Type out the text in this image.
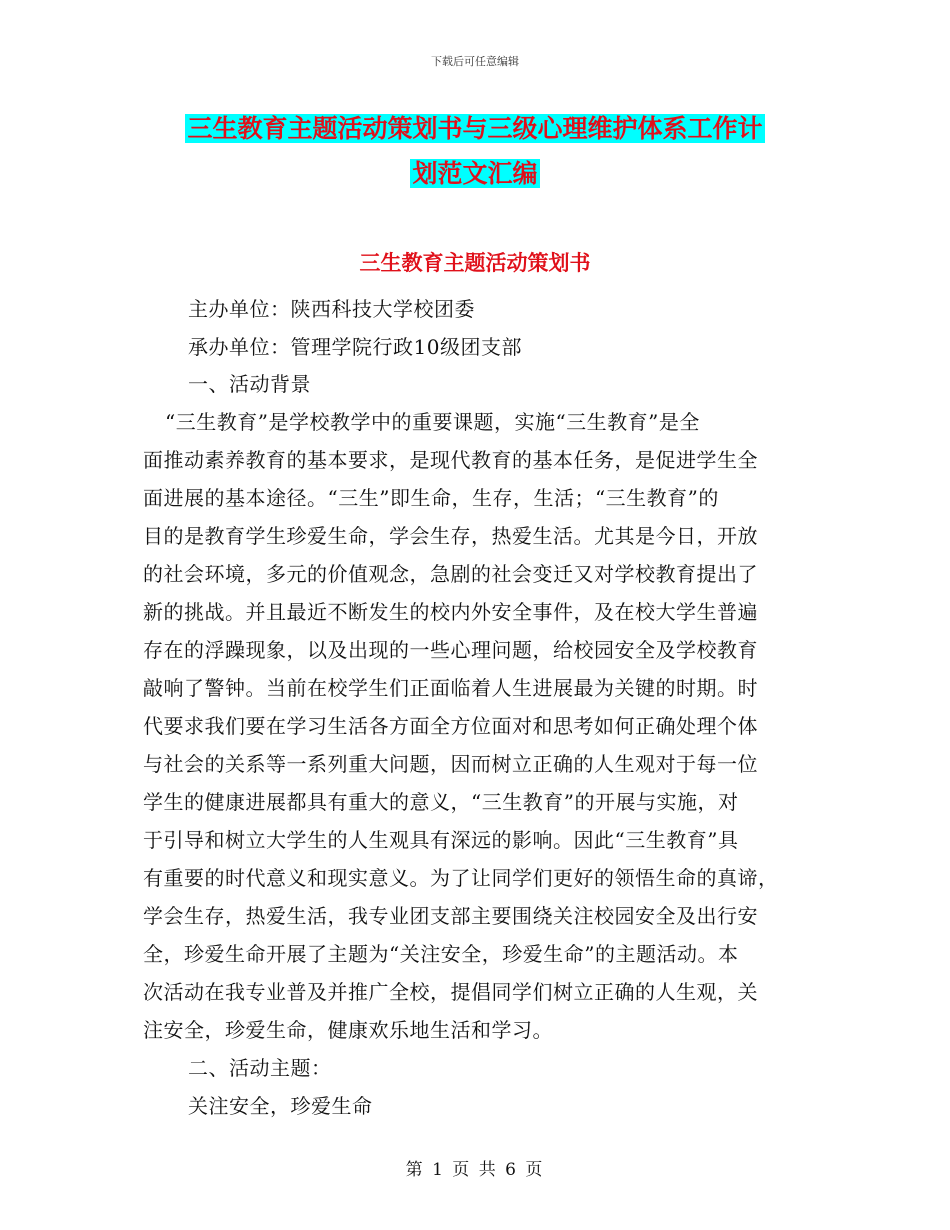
下载后可任意编辑
三生教育主题活动策划书与三级心理维护体系工作计
划范文汇编
三生教育主题活动策划书
主办单位：陕西科技大学校团委
承办单位：管理学院行政10级团支部
一、活动背景
“三生教育”是学校教学中的重要课题，实施“三生教育”是全
面推动素养教育的基本要求，是现代教育的基本任务，是促进学生全
面进展的基本途径。“三生”即生命，生存，生活；“三生教育”的
目的是教育学生珍爱生命，学会生存，热爱生活。尤其是今日，开放
的社会环境，多元的价值观念，急剧的社会变迁又对学校教育提出了
新的挑战。并且最近不断发生的校内外安全事件，及在校大学生普遍
存在的浮躁现象，以及出现的一些心理问题，给校园安全及学校教育
敲响了警钟。当前在校学生们正面临着人生进展最为关键的时期。时
代要求我们要在学习生活各方面全方位面对和思考如何正确处理个体
与社会的关系等一系列重大问题，因而树立正确的人生观对于每一位
学生的健康进展都具有重大的意义，“三生教育”的开展与实施，对
于引导和树立大学生的人生观具有深远的影响。因此“三生教育”具
有重要的时代意义和现实意义。为了让同学们更好的领悟生命的真谛，
学会生存，热爱生活，我专业团支部主要围绕关注校园安全及出行安
全，珍爱生命开展了主题为“关注安全，珍爱生命”的主题活动。本
次活动在我专业普及并推广全校，提倡同学们树立正确的人生观，关
注安全，珍爱生命，健康欢乐地生活和学习。
二、活动主题：
关注安全，珍爱生命
第 1 页 共 6 页
